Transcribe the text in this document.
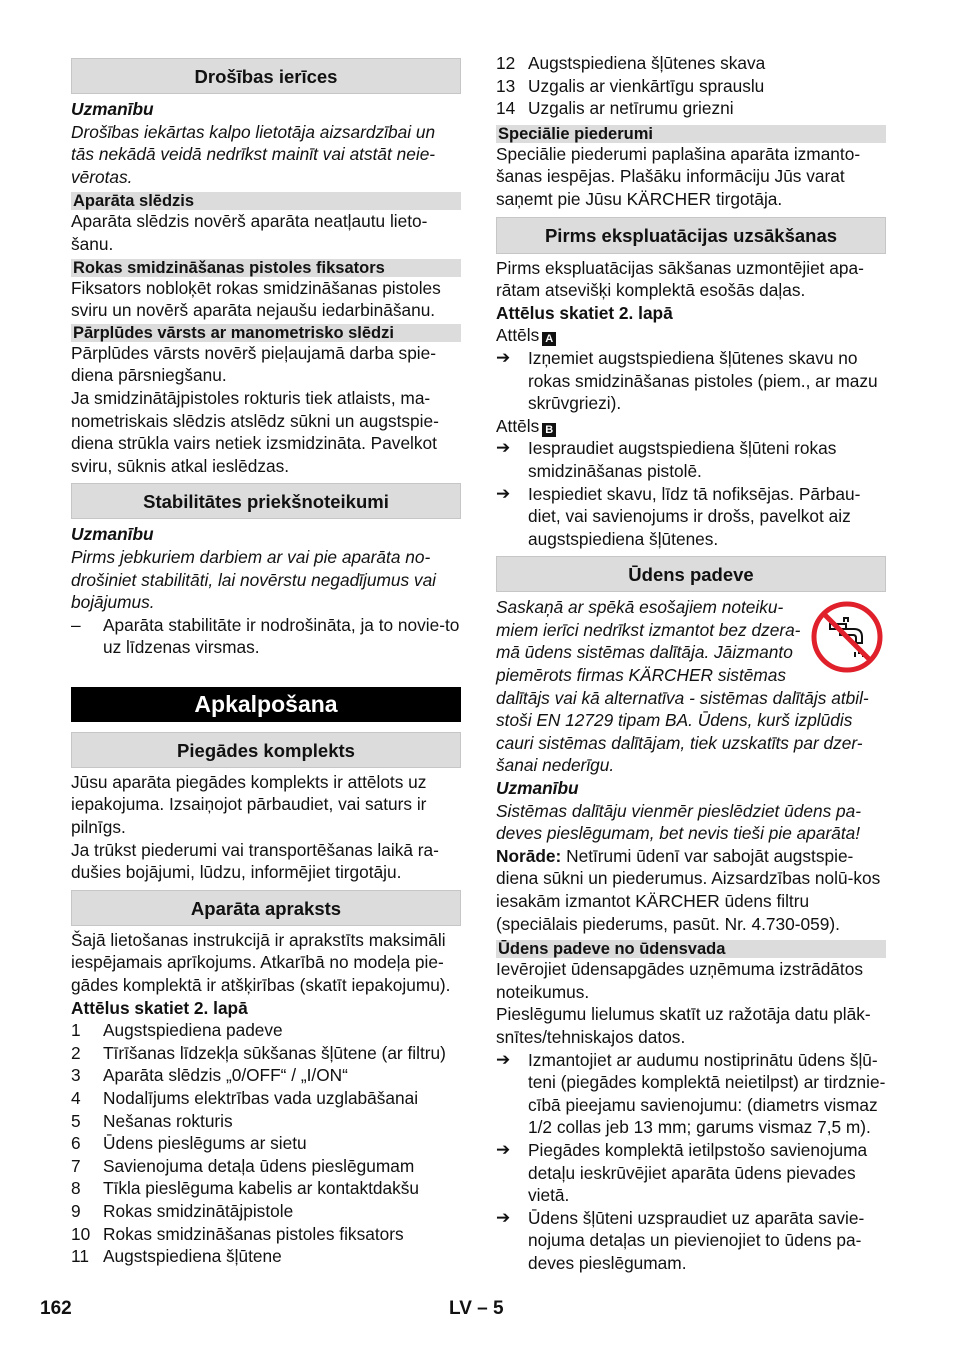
Drošības ierīces

Uzmanību

Drošības iekārtas kalpo lietotāja aizsardzībai un tās nekādā veidā nedrīkst mainīt vai atstāt neie-vērotas.

Aparāta slēdzis

Aparāta slēdzis novērš aparāta neatļautu lieto-šanu.

Rokas smidzināšanas pistoles fiksators

Fiksators nobloķēt rokas smidzināšanas pistoles sviru un novērš aparāta nejaušu iedarbināšanu.

Pārplūdes vārsts ar manometrisko slēdzi

Pārplūdes vārsts novērš pieļaujamā darba spie-diena pārsniegšanu.

Ja smidzinātājpistoles rokturis tiek atlaists, ma-nometriskais slēdzis atslēdz sūkni un augstspie-diena strūkla vairs netiek izsmidzināta. Pavelkot sviru, sūknis atkal ieslēdzas.

Stabilitātes priekšnoteikumi

Uzmanību

Pirms jebkuriem darbiem ar vai pie aparāta no-drošiniet stabilitāti, lai novērstu negadījumus vai bojājumus.

–	Aparāta stabilitāte ir nodrošināta, ja to novie-to uz līdzenas virsmas.
Apkalpošana
Piegādes komplekts

Jūsu aparāta piegādes komplekts ir attēlots uz iepakojuma. Izsaiņojot pārbaudiet, vai saturs ir pilnīgs.

Ja trūkst piederumi vai transportēšanas laikā ra-dušies bojājumi, lūdzu, informējiet tirgotāju.

Aparāta apraksts

Šajā lietošanas instrukcijā ir aprakstīts maksimāli iespējamais aprīkojums. Atkarībā no modeļa pie-gādes komplektā ir atšķirības (skatīt iepakojumu).

Attēlus skatiet 2. lapā

1	Augstspiediena padeve
2	Tīrīšanas līdzekļa sūkšanas šļūtene (ar filtru)
3	Aparāta slēdzis „0/OFF“ / „I/ON“
4	Nodalījums elektrības vada uzglabāšanai
5	Nešanas rokturis
6	Ūdens pieslēgums ar sietu
7	Savienojuma detaļa ūdens pieslēgumam
8	Tīkla pieslēguma kabelis ar kontaktdakšu
9	Rokas smidzinātājpistole
10 Rokas smidzināšanas pistoles fiksators
11 Augstspiediena šļūtene
12 Augstspiediena šļūtenes skava
13 Uzgalis ar vienkārtīgu sprauslu
14 Uzgalis ar netīrumu griezni
Speciālie piederumi

Speciālie piederumi paplašina aparāta izmanto-šanas iespējas. Plašāku informāciju Jūs varat saņemt pie Jūsu KÄRCHER tirgotāja.

Pirms ekspluatācijas uzsākšanas

Pirms ekspluatācijas sākšanas uzmontējiet apa-rātam atsevišķi komplektā esošās daļas.

Attēlus skatiet 2. lapā

Attēls A

➔	Izņemiet augstspiediena šļūtenes skavu no rokas smidzināšanas pistoles (piem., ar mazu skrūvgriezi).

Attēls B

➔	Iespraudiet augstspiediena šļūteni rokas smidzināšanas pistolē.
➔	Iespiediet skavu, līdz tā nofiksējas. Pārbau-diet, vai savienojums ir drošs, pavelkot aiz augstspiediena šļūtenes.
Ūdens padeve

Saskaņā ar spēkā esošajiem noteiku-miem ierīci nedrīkst izmantot bez dzera-mā ūdens sistēmas dalītāja. Jāizmanto piemērots firmas KÄRCHER sistēmas dalītājs vai kā alternatīva - sistēmas dalītājs atbil-stoši EN 12729 tipam BA. Ūdens, kurš izplūdis cauri sistēmas dalītājam, tiek uzskatīts par dzer-šanai nederīgu.

Uzmanību

Sistēmas dalītāju vienmēr pieslēdziet ūdens pa-deves pieslēgumam, bet nevis tieši pie aparāta!

Norāde: Netīrumi ūdenī var sabojāt augstspie-diena sūkni un piederumus. Aizsardzības nolū-kos iesakām izmantot KÄRCHER ūdens filtru (speciālais piederums, pasūt. Nr. 4.730-059).

Ūdens padeve no ūdensvada

Ievērojiet ūdensapgādes uzņēmuma izstrādātos noteikumus.

Pieslēgumu lielumus skatīt uz ražotāja datu plāk-snītes/tehniskajos datos.

➔	Izmantojiet ar audumu nostiprinātu ūdens šļū-teni (piegādes komplektā neietilpst) ar tirdznie-cībā pieejamu savienojumu: (diametrs vismaz 1/2 collas jeb 13 mm; garums vismaz 7,5 m).
➔	Piegādes komplektā ietilpstošo savienojuma detaļu ieskrūvējiet aparāta ūdens pievades vietā.
➔	Ūdens šļūteni uzspraudiet uz aparāta savie-nojuma detaļas un pievienojiet to ūdens pa-deves pieslēgumam.
162	LV – 5
